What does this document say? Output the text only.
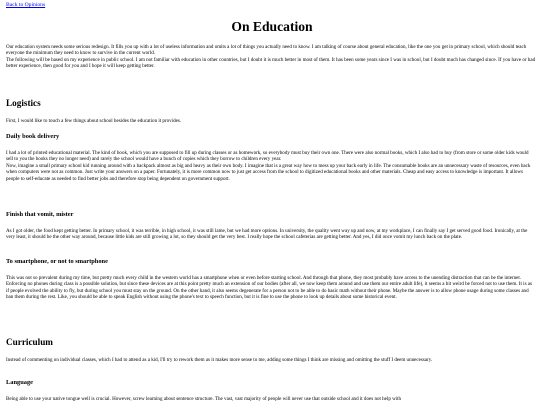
Back to Opinions
On Education

Our education system needs some serious redesign. It fills you up with a lot of useless information and omits a lot of things you actually need to know. I am talking of course about general education, like the one you get in primary school, which should teach everyone the minimum they need to know to survive in the current world.

The following will be based on my experience in public school. I am not familiar with education in other countries, but I doubt it is much better in most of them. It has been some years since I was in school, but I doubt much has changed since. If you have or had better experience, then good for you and I hope it will keep getting better.

Logistics

First, I would like to touch a few things about school besides the education it provides.

Daily book delivery

I had a lot of printed educational material. The kind of book, which you are supposed to fill up during classes or as homework, so everybody must buy their own one. There were also normal books, which I also had to buy (from store or some older kids would sell to you the books they no longer need) and rarely the school would have a bunch of copies which they borrow to children every year.

Now, imagine a small primary school kid running around with a backpack almost as big and heavy as their own body. I imagine that is a great way how to mess up your back early in life. The consumable books are an unnecessary waste of resources, even back when computers were not as common. Just write your answers on a paper. Fortunately, it is more common now to just get access from the school to digitized educational books and other materials. Cheap and easy access to knowledge is important. It allows people to self-educate as needed to find better jobs and therefore stop being dependent on government support.

Finish that vomit, mister

As I got older, the food kept getting better. In primary school, it was terrible, in high school, it was still lame, but we had more options. In university, the quality went way up and now, at my workplace, I can finally say I get served good food. Ironically, at the very least, it should be the other way around, because little kids are still growing a lot, so they should get the very best. I really hope the school cafeterias are getting better. And yes, I did once vomit my lunch back on the plate.

To smartphone, or not to smartphone

This was not so prevalent during my time, but pretty much every child in the western world has a smartphone when or even before starting school. And through that phone, they most probably have access to the unending distraction that can be the internet. Enforcing no phones during class is a possible solution, but since these devices are at this point pretty much an extension of our bodies (after all, we now keep them around and use them our entire adult life), it seems a bit weird be forced not to use them. It is as if people evolved the ability to fly, but during school you must stay on the ground. On the other hand, it also seems degenerate for a person not to be able to do basic math without their phone. Maybe the answer is to allow phone usage during some classes and ban them during the rest. Like, you should be able to speak English without using the phone's text to speech function, but it is fine to use the phone to look up details about some historical event.

Curriculum

Instead of commenting on individual classes, which I had to attend as a kid, I'll try to rework them as it makes more sense to me, adding some things I think are missing and omitting the stuff I deem unnecessary.

Language

Being able to use your native tongue well is crucial. However, screw learning about sentence structure. The vast, vast majority of people will never use that outside school and it does not help with
